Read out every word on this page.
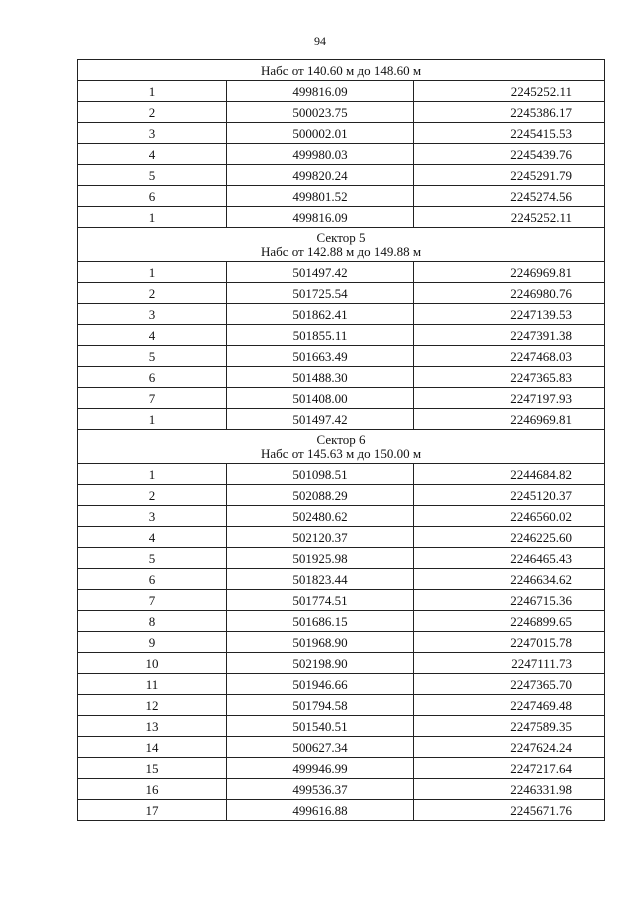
94
Набс от 140.60 м до 148.60 м		

1	499816.09	2245252.11
2	500023.75	2245386.17
3	500002.01	2245415.53
4	499980.03	2245439.76
5	499820.24	2245291.79
6	499801.52	2245274.56
1	499816.09	2245252.11

Сектор 5
Набс от 142.88 м до 149.88 м		

1	501497.42	2246969.81
2	501725.54	2246980.76
3	501862.41	2247139.53
4	501855.11	2247391.38
5	501663.49	2247468.03
6	501488.30	2247365.83
7	501408.00	2247197.93
1	501497.42	2246969.81

Сектор 6
Набс от 145.63 м до 150.00 м		

1	501098.51	2244684.82
2	502088.29	2245120.37
3	502480.62	2246560.02
4	502120.37	2246225.60
5	501925.98	2246465.43
6	501823.44	2246634.62
7	501774.51	2246715.36
8	501686.15	2246899.65
9	501968.90	2247015.78
10	502198.90	2247111.73
11	501946.66	2247365.70
12	501794.58	2247469.48
13	501540.51	2247589.35
14	500627.34	2247624.24
15	499946.99	2247217.64
16	499536.37	2246331.98
17	499616.88	2245671.76
